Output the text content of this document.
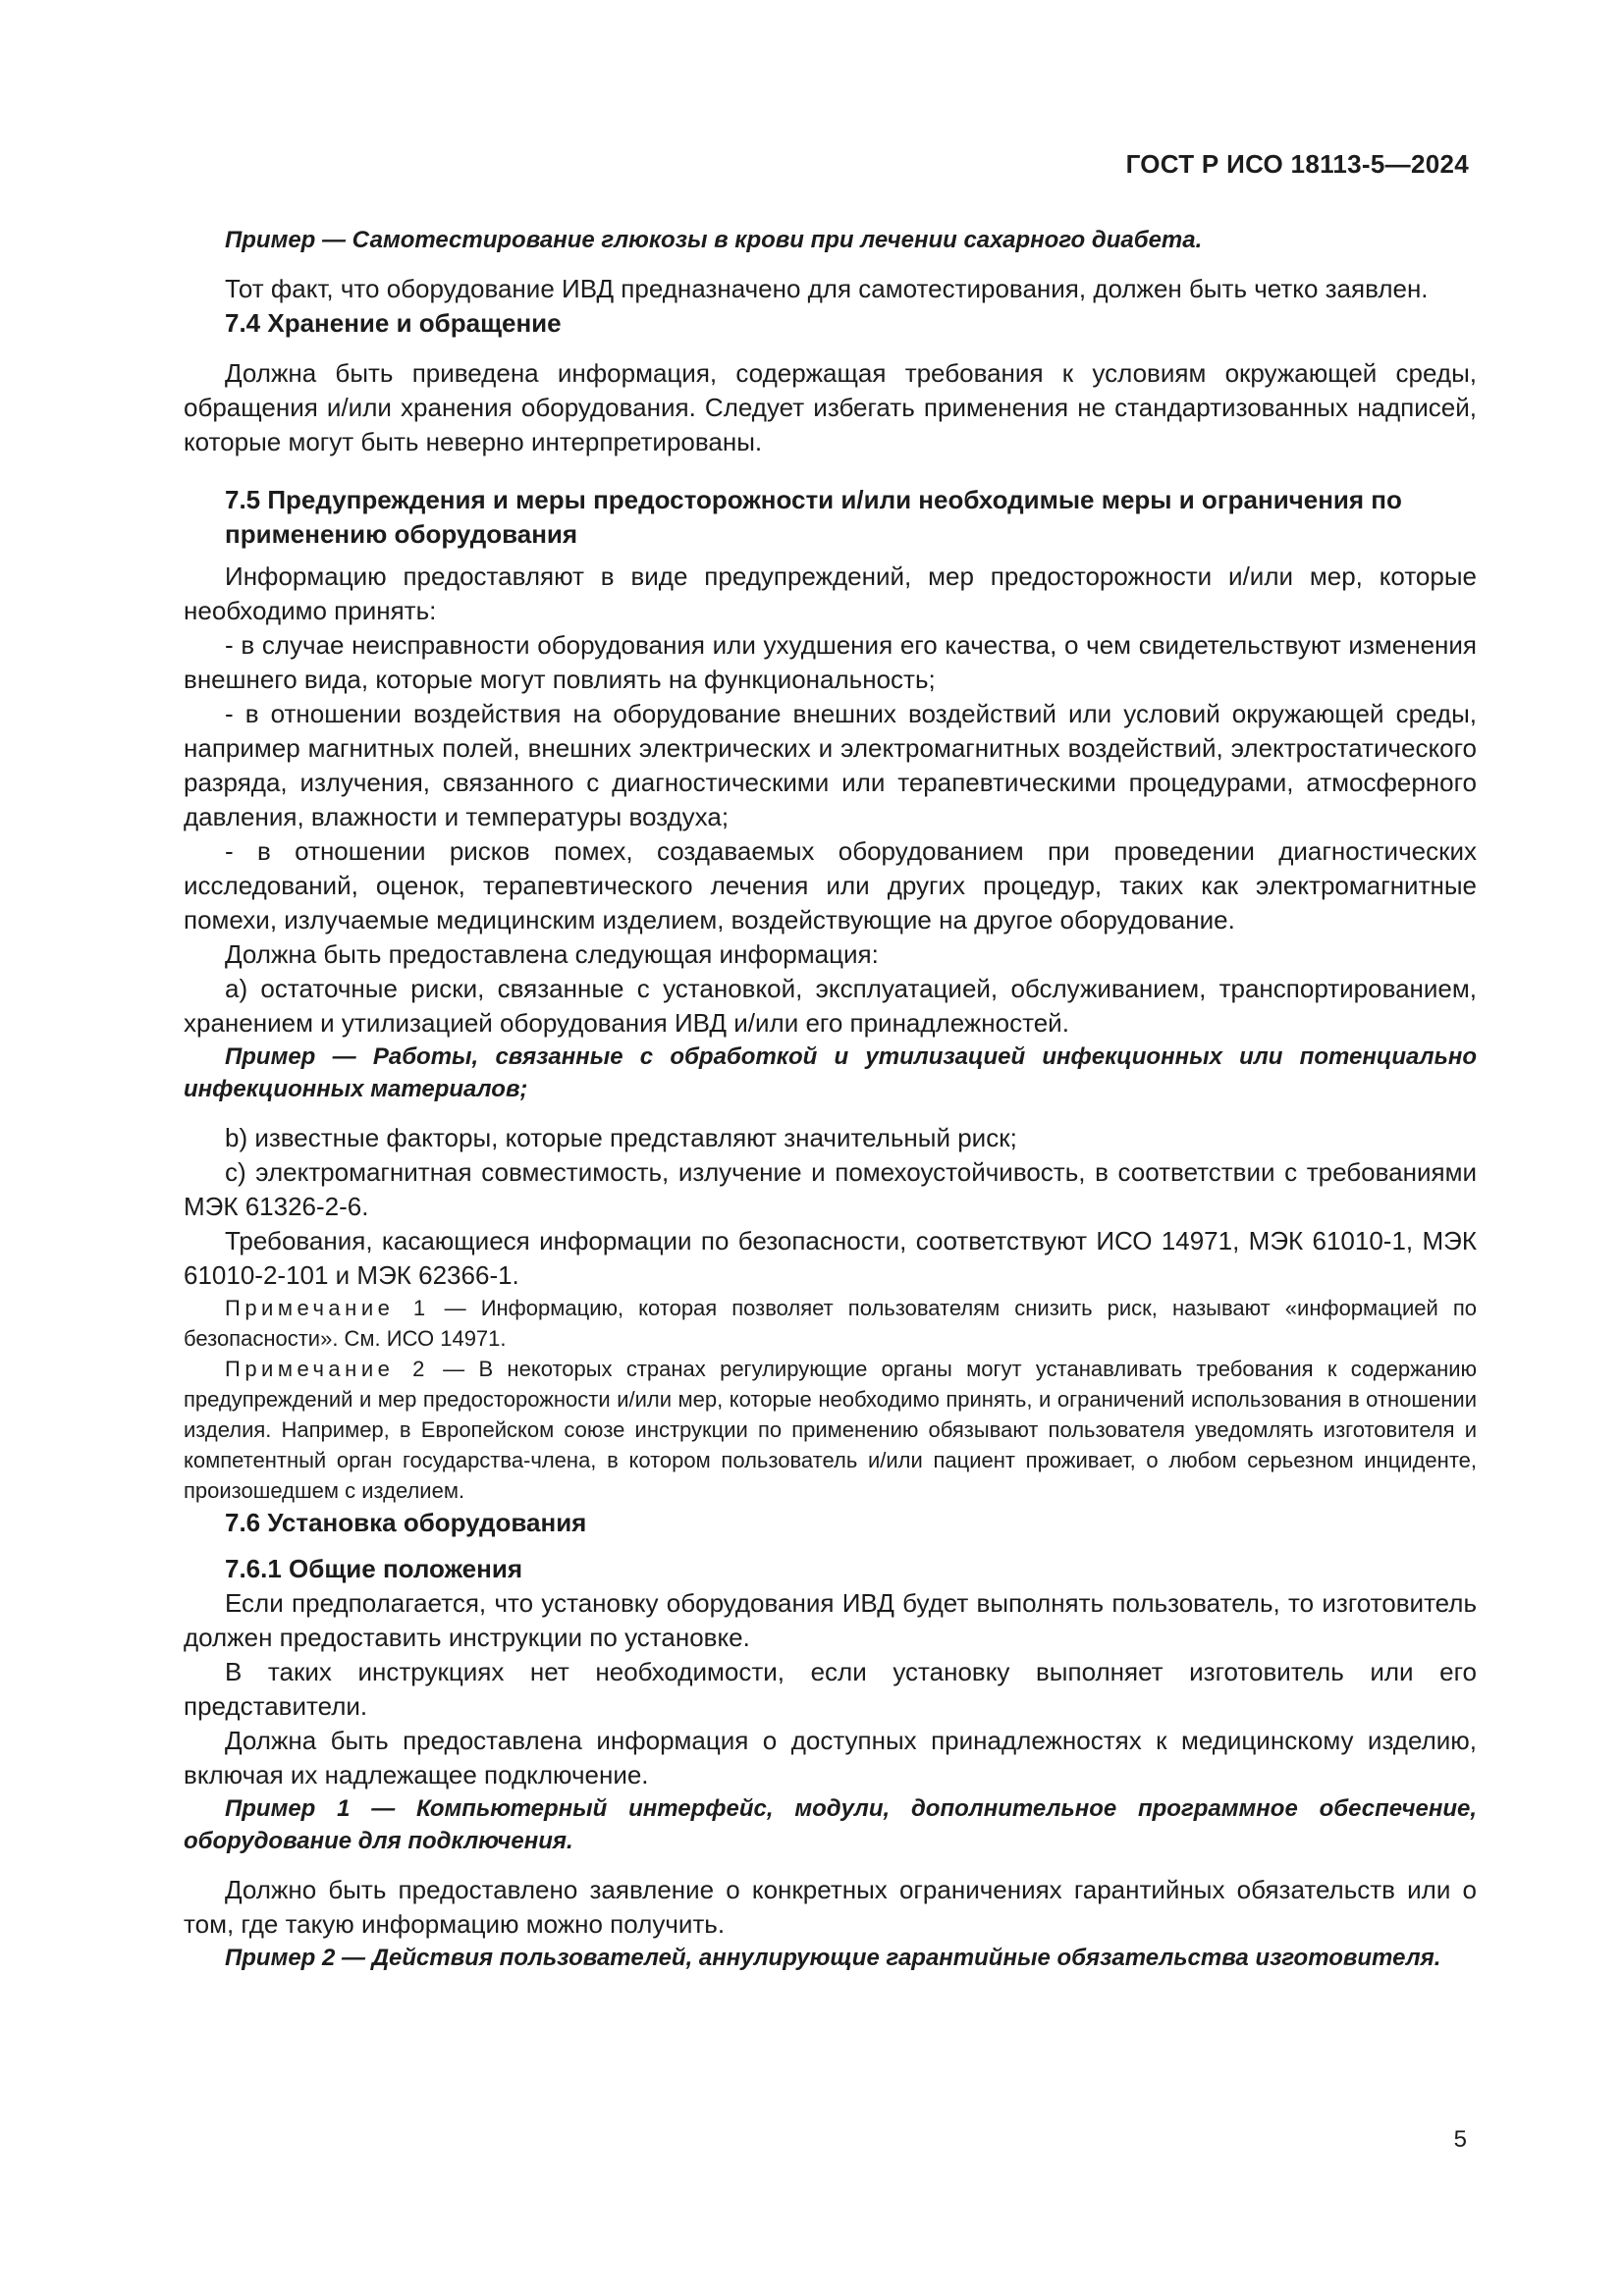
ГОСТ Р ИСО 18113-5—2024

Пример — Самотестирование глюкозы в крови при лечении сахарного диабета.

Тот факт, что оборудование ИВД предназначено для самотестирования, должен быть четко заявлен.

7.4 Хранение и обращение

Должна быть приведена информация, содержащая требования к условиям окружающей среды, обращения и/или хранения оборудования. Следует избегать применения не стандартизованных надписей, которые могут быть неверно интерпретированы.

7.5 Предупреждения и меры предосторожности и/или необходимые меры и ограничения по применению оборудования

Информацию предоставляют в виде предупреждений, мер предосторожности и/или мер, которые необходимо принять:

- в случае неисправности оборудования или ухудшения его качества, о чем свидетельствуют изменения внешнего вида, которые могут повлиять на функциональность;

- в отношении воздействия на оборудование внешних воздействий или условий окружающей среды, например магнитных полей, внешних электрических и электромагнитных воздействий, электростатического разряда, излучения, связанного с диагностическими или терапевтическими процедурами, атмосферного давления, влажности и температуры воздуха;

- в отношении рисков помех, создаваемых оборудованием при проведении диагностических исследований, оценок, терапевтического лечения или других процедур, таких как электромагнитные помехи, излучаемые медицинским изделием, воздействующие на другое оборудование.

Должна быть предоставлена следующая информация:

a) остаточные риски, связанные с установкой, эксплуатацией, обслуживанием, транспортированием, хранением и утилизацией оборудования ИВД и/или его принадлежностей.

Пример — Работы, связанные с обработкой и утилизацией инфекционных или потенциально инфекционных материалов;

b) известные факторы, которые представляют значительный риск;

c) электромагнитная совместимость, излучение и помехоустойчивость, в соответствии с требованиями МЭК 61326-2-6.

Требования, касающиеся информации по безопасности, соответствуют ИСО 14971, МЭК 61010-1, МЭК 61010-2-101 и МЭК 62366-1.

Примечание 1 — Информацию, которая позволяет пользователям снизить риск, называют «информацией по безопасности». См. ИСО 14971.

Примечание 2 — В некоторых странах регулирующие органы могут устанавливать требования к содержанию предупреждений и мер предосторожности и/или мер, которые необходимо принять, и ограничений использования в отношении изделия. Например, в Европейском союзе инструкции по применению обязывают пользователя уведомлять изготовителя и компетентный орган государства-члена, в котором пользователь и/или пациент проживает, о любом серьезном инциденте, произошедшем с изделием.

7.6 Установка оборудования

7.6.1 Общие положения

Если предполагается, что установку оборудования ИВД будет выполнять пользователь, то изготовитель должен предоставить инструкции по установке.

В таких инструкциях нет необходимости, если установку выполняет изготовитель или его представители.

Должна быть предоставлена информация о доступных принадлежностях к медицинскому изделию, включая их надлежащее подключение.

Пример 1 — Компьютерный интерфейс, модули, дополнительное программное обеспечение, оборудование для подключения.

Должно быть предоставлено заявление о конкретных ограничениях гарантийных обязательств или о том, где такую информацию можно получить.

Пример 2 — Действия пользователей, аннулирующие гарантийные обязательства изготовителя.

5
